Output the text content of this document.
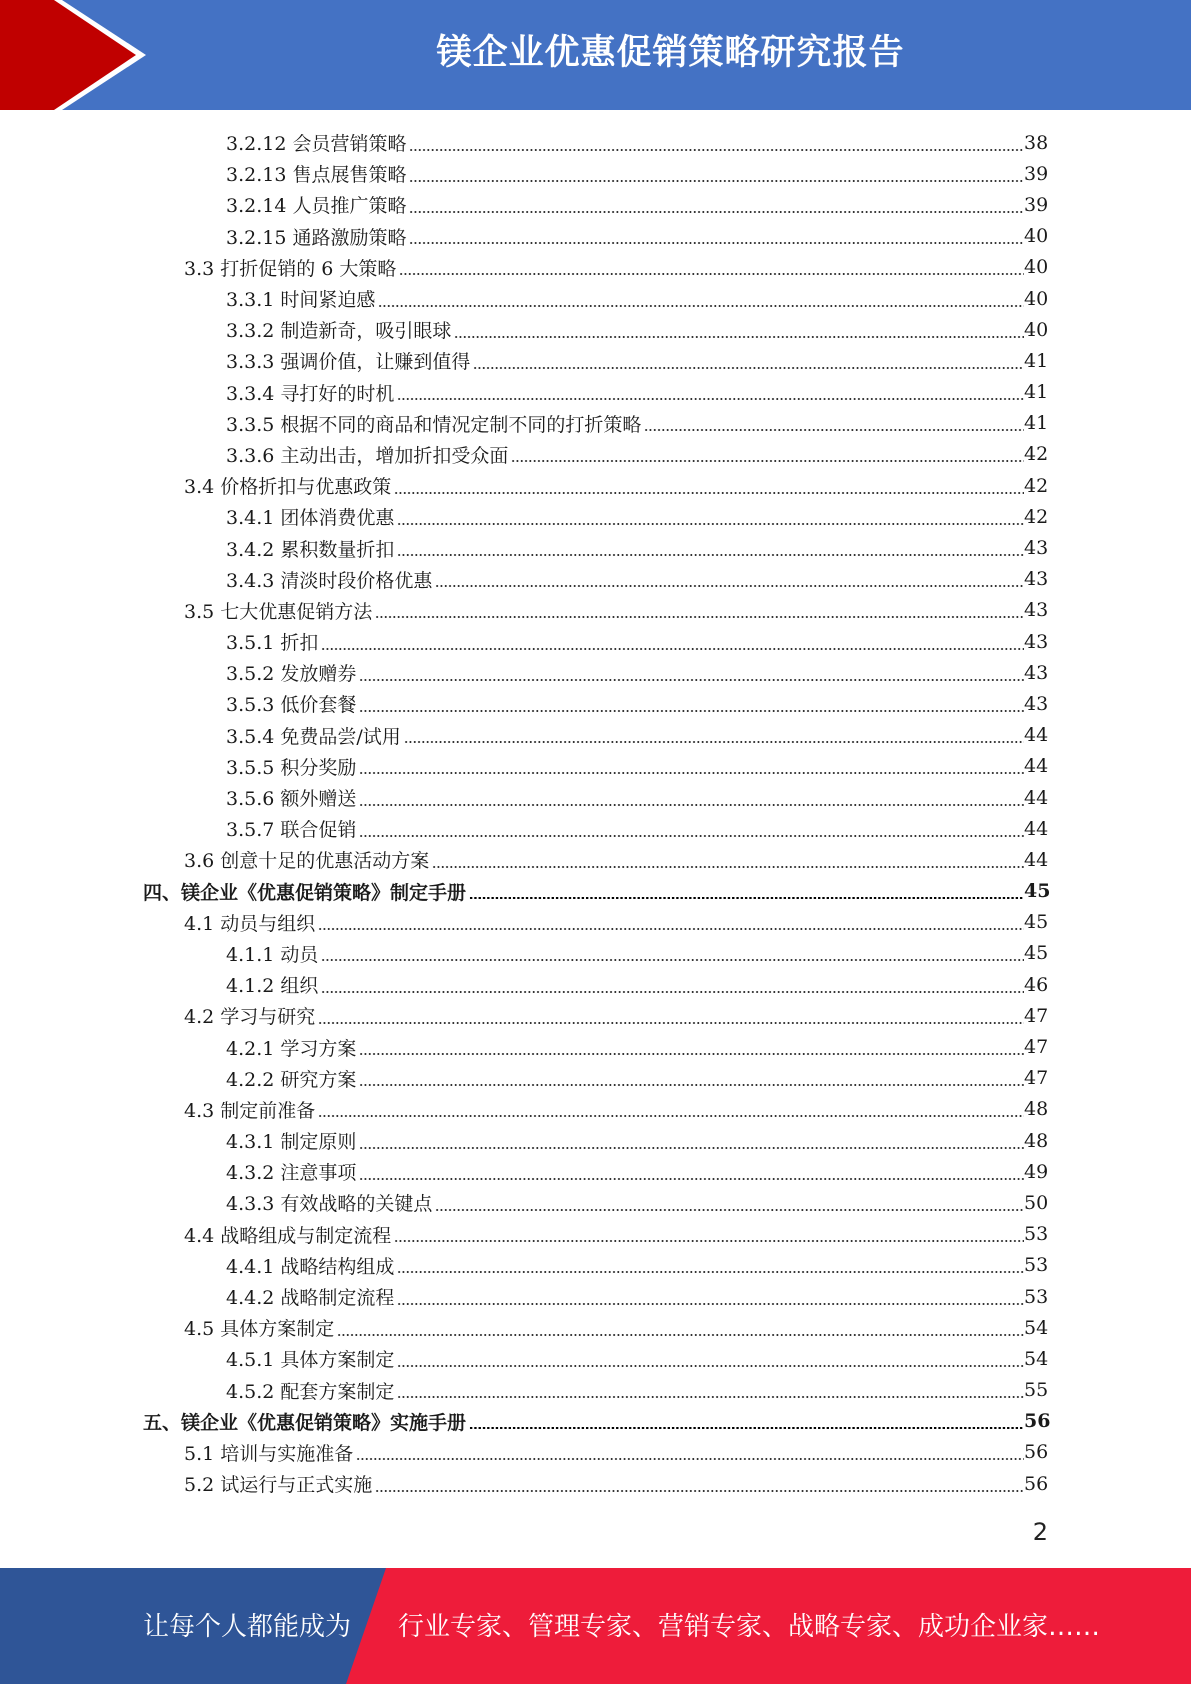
镁企业优惠促销策略研究报告
3.2.12 会员营销策略	38
3.2.13 售点展售策略	39
3.2.14 人员推广策略	39
3.2.15 通路激励策略	40
3.3 打折促销的 6 大策略	40
3.3.1 时间紧迫感	40
3.3.2 制造新奇，吸引眼球	40
3.3.3 强调价值，让赚到值得	41
3.3.4 寻打好的时机	41
3.3.5 根据不同的商品和情况定制不同的打折策略	41
3.3.6 主动出击，增加折扣受众面	42
3.4 价格折扣与优惠政策	42
3.4.1 团体消费优惠	42
3.4.2 累积数量折扣	43
3.4.3 清淡时段价格优惠	43
3.5 七大优惠促销方法	43
3.5.1 折扣	43
3.5.2 发放赠券	43
3.5.3 低价套餐	43
3.5.4 免费品尝/试用	44
3.5.5 积分奖励	44
3.5.6 额外赠送	44
3.5.7 联合促销	44
3.6 创意十足的优惠活动方案	44
四、镁企业《优惠促销策略》制定手册	45
4.1 动员与组织	45
4.1.1 动员	45
4.1.2 组织	46
4.2 学习与研究	47
4.2.1 学习方案	47
4.2.2 研究方案	47
4.3 制定前准备	48
4.3.1 制定原则	48
4.3.2 注意事项	49
4.3.3 有效战略的关键点	50
4.4 战略组成与制定流程	53
4.4.1 战略结构组成	53
4.4.2 战略制定流程	53
4.5 具体方案制定	54
4.5.1 具体方案制定	54
4.5.2 配套方案制定	55
五、镁企业《优惠促销策略》实施手册	56
5.1 培训与实施准备	56
5.2 试运行与正式实施	56
2
让每个人都能成为 行业专家、管理专家、营销专家、战略专家、成功企业家……
